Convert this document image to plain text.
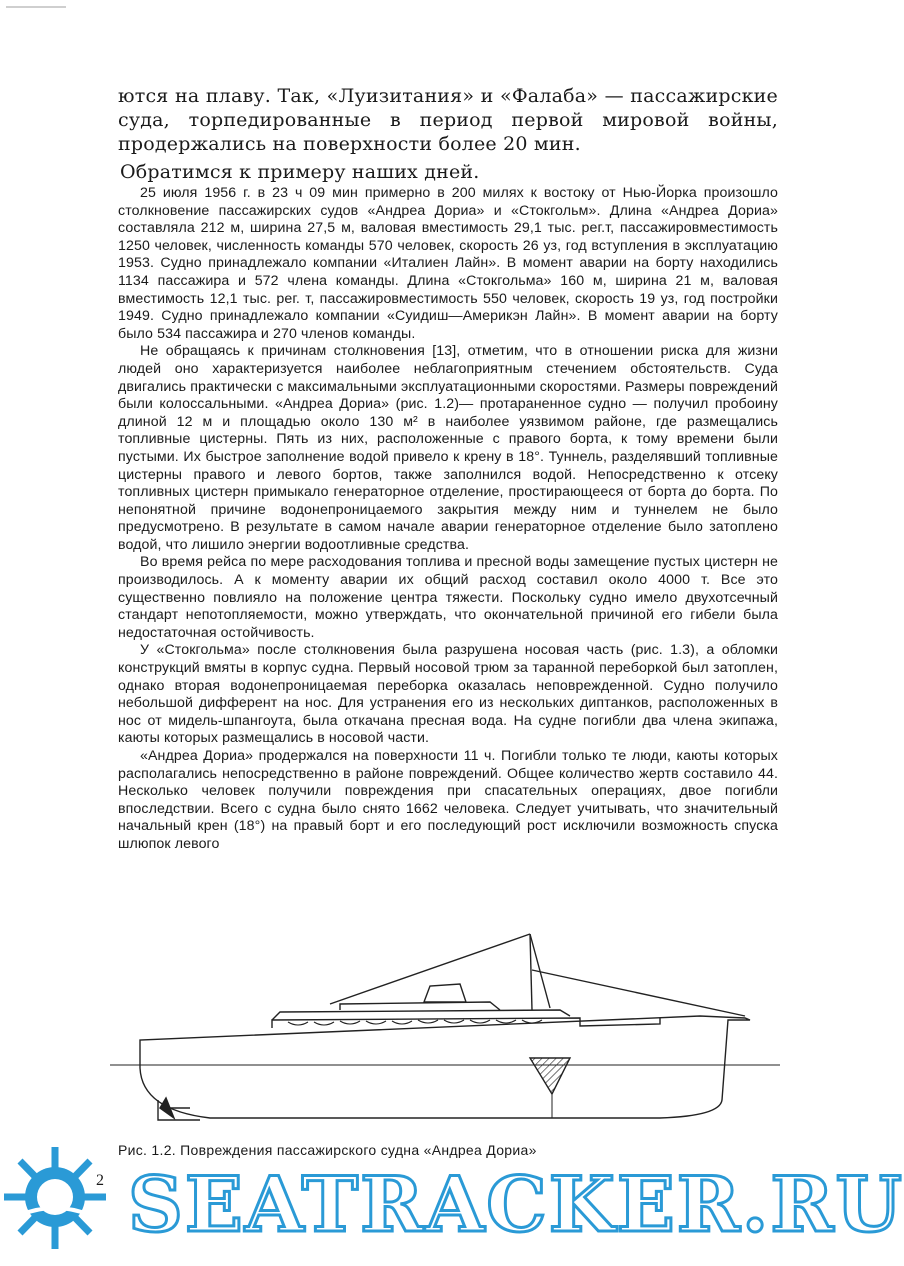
ются на плаву. Так, «Луизитания» и «Фалаба» — пассажирские суда, торпедированные в период первой мировой войны, продержались на поверхности более 20 мин.

Обратимся к примеру наших дней.

25 июля 1956 г. в 23 ч 09 мин примерно в 200 милях к востоку от Нью-Йорка произошло столкновение пассажирских судов «Андреа Дориа» и «Стокгольм». Длина «Андреа Дориа» составляла 212 м, ширина 27,5 м, валовая вместимость 29,1 тыс. рег.т, пассажировместимость 1250 человек, численность команды 570 человек, скорость 26 уз, год вступления в эксплуатацию 1953. Судно принадлежало компании «Италиен Лайн». В момент аварии на борту находились 1134 пассажира и 572 члена команды. Длина «Стокгольма» 160 м, ширина 21 м, валовая вместимость 12,1 тыс. рег. т, пассажировместимость 550 человек, скорость 19 уз, год постройки 1949. Судно принадлежало компании «Суидиш—Америкэн Лайн». В момент аварии на борту было 534 пассажира и 270 членов команды.

Не обращаясь к причинам столкновения [13], отметим, что в отношении риска для жизни людей оно характеризуется наиболее неблагоприятным стечением обстоятельств. Суда двигались практически с максимальными эксплуатационными скоростями. Размеры повреждений были колоссальными. «Андреа Дориа» (рис. 1.2)— протараненное судно — получил пробоину длиной 12 м и площадью около 130 м² в наиболее уязвимом районе, где размещались топливные цистерны. Пять из них, расположенные с правого борта, к тому времени были пустыми. Их быстрое заполнение водой привело к крену в 18°. Туннель, разделявший топливные цистерны правого и левого бортов, также заполнился водой. Непосредственно к отсеку топливных цистерн примыкало генераторное отделение, простирающееся от борта до борта. По непонятной причине водонепроницаемого закрытия между ним и туннелем не было предусмотрено. В результате в самом начале аварии генераторное отделение было затоплено водой, что лишило энергии водоотливные средства.

Во время рейса по мере расходования топлива и пресной воды замещение пустых цистерн не производилось. А к моменту аварии их общий расход составил около 4000 т. Все это существенно повлияло на положение центра тяжести. Поскольку судно имело двухотсечный стандарт непотопляемости, можно утверждать, что окончательной причиной его гибели была недостаточная остойчивость.

У «Стокгольма» после столкновения была разрушена носовая часть (рис. 1.3), а обломки конструкций вмяты в корпус судна. Первый носовой трюм за таранной переборкой был затоплен, однако вторая водонепроницаемая переборка оказалась неповрежденной. Судно получило небольшой дифферент на нос. Для устранения его из нескольких диптанков, расположенных в нос от мидель-шпангоута, была откачана пресная вода. На судне погибли два члена экипажа, каюты которых размещались в носовой части.

«Андреа Дориа» продержался на поверхности 11 ч. Погибли только те люди, каюты которых располагались непосредственно в районе повреждений. Общее количество жертв составило 44. Несколько человек получили повреждения при спасательных операциях, двое погибли впоследствии. Всего с судна было снято 1662 человека. Следует учитывать, что значительный начальный крен (18°) на правый борт и его последующий рост исключили возможность спуска шлюпок левого

Рис. 1.2. Повреждения пассажирского судна «Андреа Дориа»
2 SEATRACKER.RU
